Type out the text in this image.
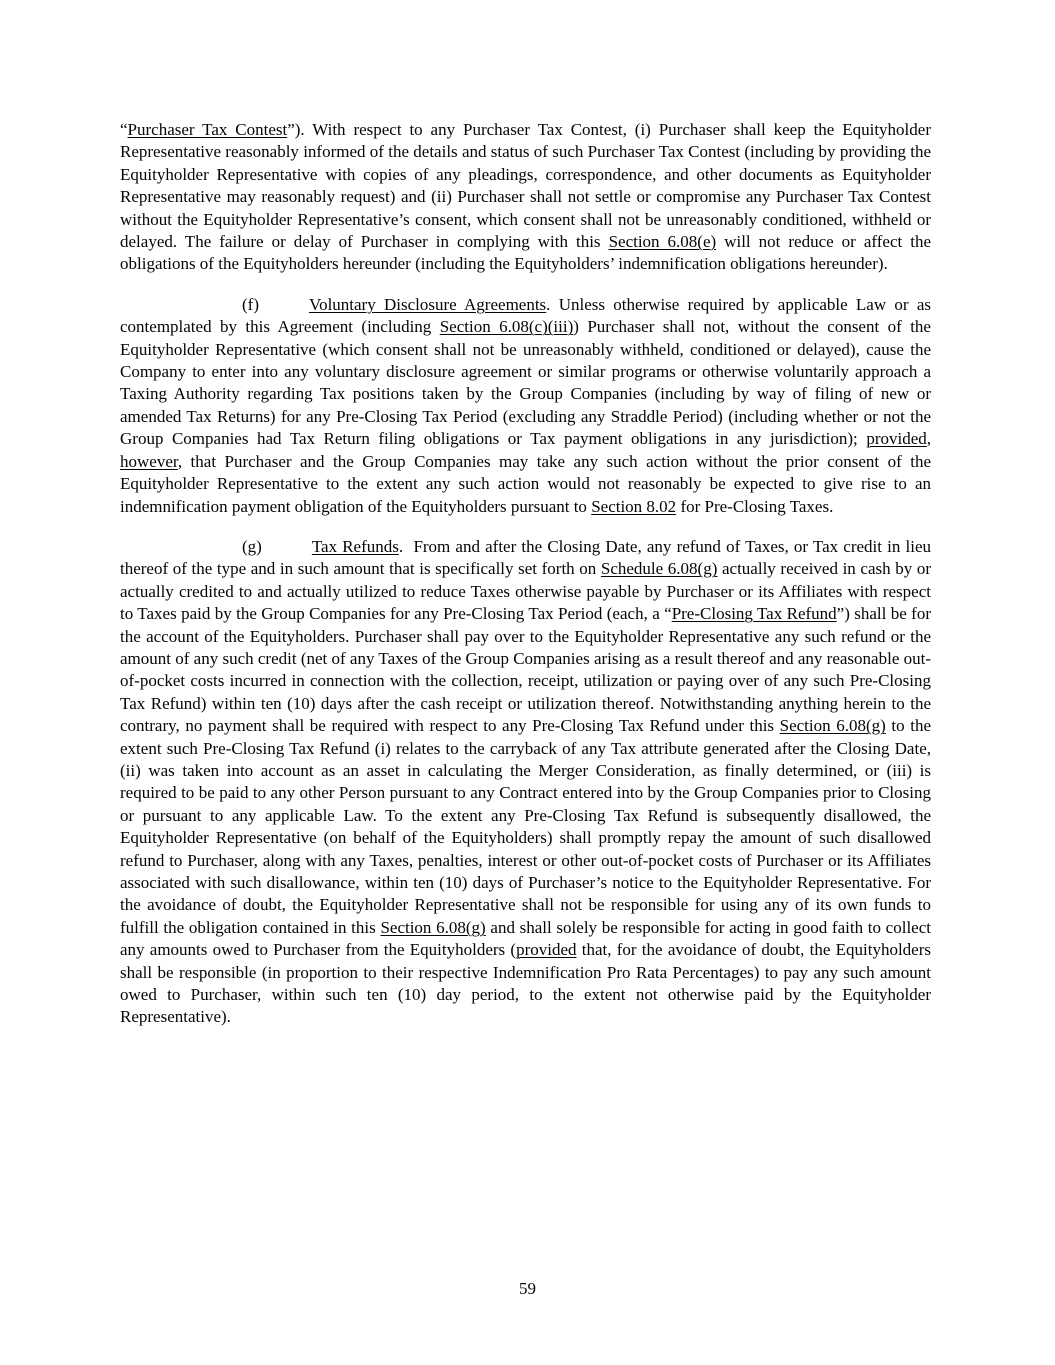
“Purchaser Tax Contest”). With respect to any Purchaser Tax Contest, (i) Purchaser shall keep the Equityholder Representative reasonably informed of the details and status of such Purchaser Tax Contest (including by providing the Equityholder Representative with copies of any pleadings, correspondence, and other documents as Equityholder Representative may reasonably request) and (ii) Purchaser shall not settle or compromise any Purchaser Tax Contest without the Equityholder Representative’s consent, which consent shall not be unreasonably conditioned, withheld or delayed. The failure or delay of Purchaser in complying with this Section 6.08(e) will not reduce or affect the obligations of the Equityholders hereunder (including the Equityholders’ indemnification obligations hereunder).

(f)	Voluntary Disclosure Agreements. Unless otherwise required by applicable Law or as contemplated by this Agreement (including Section 6.08(c)(iii)) Purchaser shall not, without the consent of the Equityholder Representative (which consent shall not be unreasonably withheld, conditioned or delayed), cause the Company to enter into any voluntary disclosure agreement or similar programs or otherwise voluntarily approach a Taxing Authority regarding Tax positions taken by the Group Companies (including by way of filing of new or amended Tax Returns) for any Pre-Closing Tax Period (excluding any Straddle Period) (including whether or not the Group Companies had Tax Return filing obligations or Tax payment obligations in any jurisdiction); provided, however, that Purchaser and the Group Companies may take any such action without the prior consent of the Equityholder Representative to the extent any such action would not reasonably be expected to give rise to an indemnification payment obligation of the Equityholders pursuant to Section 8.02 for Pre-Closing Taxes.

(g)	Tax Refunds.  From and after the Closing Date, any refund of Taxes, or Tax credit in lieu thereof of the type and in such amount that is specifically set forth on Schedule 6.08(g) actually received in cash by or actually credited to and actually utilized to reduce Taxes otherwise payable by Purchaser or its Affiliates with respect to Taxes paid by the Group Companies for any Pre-Closing Tax Period (each, a “Pre-Closing Tax Refund”) shall be for the account of the Equityholders. Purchaser shall pay over to the Equityholder Representative any such refund or the amount of any such credit (net of any Taxes of the Group Companies arising as a result thereof and any reasonable out-of-pocket costs incurred in connection with the collection, receipt, utilization or paying over of any such Pre-Closing Tax Refund) within ten (10) days after the cash receipt or utilization thereof. Notwithstanding anything herein to the contrary, no payment shall be required with respect to any Pre-Closing Tax Refund under this Section 6.08(g) to the extent such Pre-Closing Tax Refund (i) relates to the carryback of any Tax attribute generated after the Closing Date, (ii) was taken into account as an asset in calculating the Merger Consideration, as finally determined, or (iii) is required to be paid to any other Person pursuant to any Contract entered into by the Group Companies prior to Closing or pursuant to any applicable Law. To the extent any Pre-Closing Tax Refund is subsequently disallowed, the Equityholder Representative (on behalf of the Equityholders) shall promptly repay the amount of such disallowed refund to Purchaser, along with any Taxes, penalties, interest or other out-of-pocket costs of Purchaser or its Affiliates associated with such disallowance, within ten (10) days of Purchaser’s notice to the Equityholder Representative. For the avoidance of doubt, the Equityholder Representative shall not be responsible for using any of its own funds to fulfill the obligation contained in this Section 6.08(g) and shall solely be responsible for acting in good faith to collect any amounts owed to Purchaser from the Equityholders (provided that, for the avoidance of doubt, the Equityholders shall be responsible (in proportion to their respective Indemnification Pro Rata Percentages) to pay any such amount owed to Purchaser, within such ten (10) day period, to the extent not otherwise paid by the Equityholder Representative).

59
